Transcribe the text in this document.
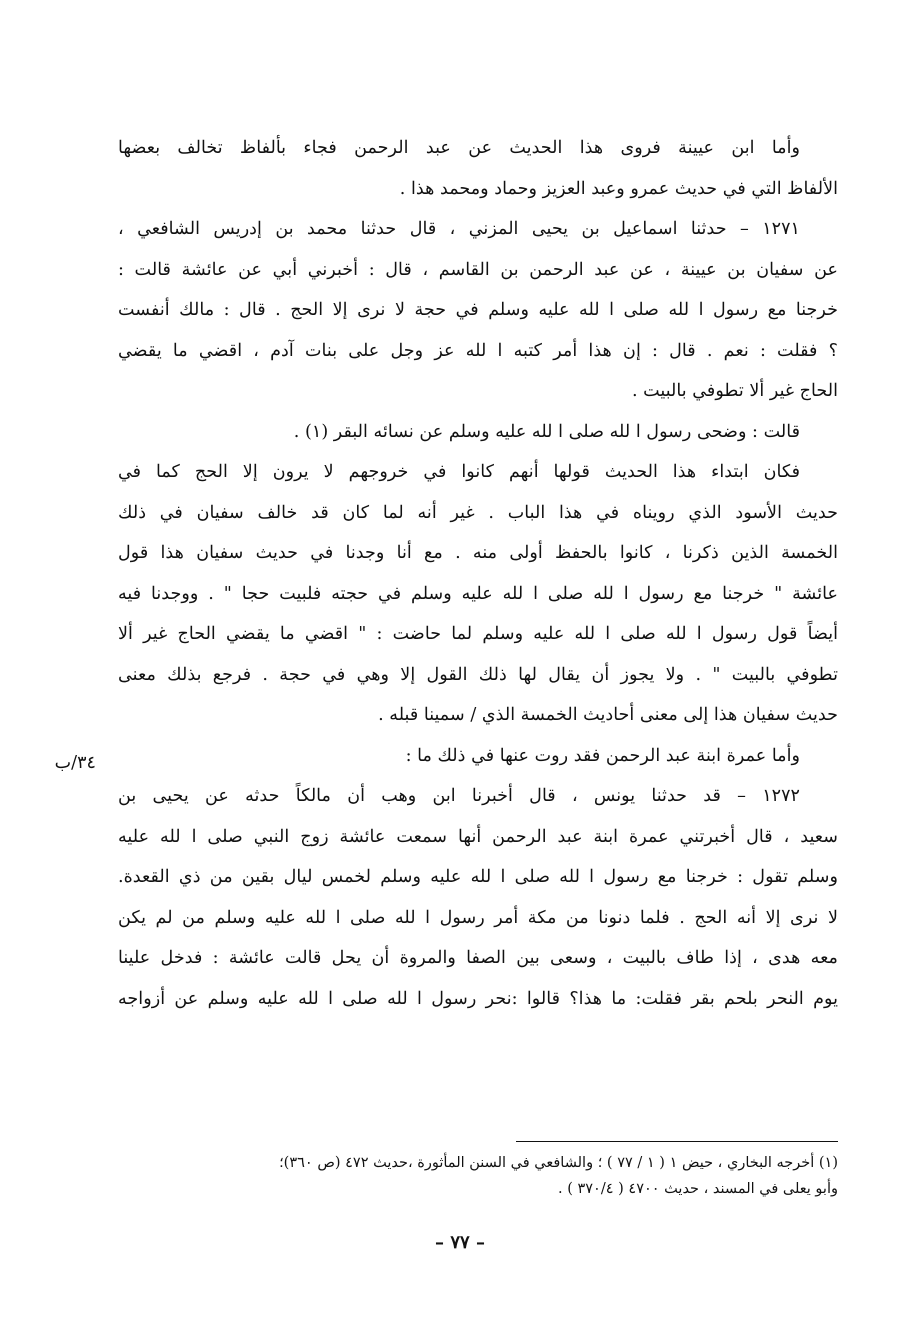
وأما ابن عيينة فروى هذا الحديث عن عبد الرحمن فجاء بألفاظ تخالف بعضها
الألفاظ التي في حديث عمرو وعبد العزيز وحماد ومحمد هذا .
١٢٧١ – حدثنا اسماعيل بن يحيى المزني ، قال حدثنا محمد بن إدريس الشافعي ،
عن سفيان بن عيينة ، عن عبد الرحمن بن القاسم ، قال : أخبرني أبي عن عائشة قالت :
خرجنا مع رسول ا لله صلى ا لله عليه وسلم في حجة لا نرى إلا الحج . قال : مالك أنفست
؟ فقلت : نعم . قال : إن هذا أمر كتبه ا لله عز وجل على بنات آدم ، اقضي ما يقضي
الحاج غير ألا تطوفي بالبيت .
قالت : وضحى رسول ا لله صلى ا لله عليه وسلم عن نسائه البقر (١) .
فكان ابتداء هذا الحديث قولها أنهم كانوا في خروجهم لا يرون إلا الحج كما في
حديث الأسود الذي رويناه في هذا الباب . غير أنه لما كان قد خالف سفيان في ذلك
الخمسة الذين ذكرنا ، كانوا بالحفظ أولى منه . مع أنا وجدنا في حديث سفيان هذا قول
عائشة " خرجنا مع رسول ا لله صلى ا لله عليه وسلم في حجته فلبيت حجا " . ووجدنا فيه
أيضاً قول رسول ا لله صلى ا لله عليه وسلم لما حاضت : " اقضي ما يقضي الحاج غير ألا
تطوفي بالبيت " . ولا يجوز أن يقال لها ذلك القول إلا وهي في حجة . فرجع بذلك معنى
حديث سفيان هذا إلى معنى أحاديث الخمسة الذي / سمينا قبله .
وأما عمرة ابنة عبد الرحمن فقد روت عنها في ذلك ما :
١٢٧٢ – قد حدثنا يونس ، قال أخبرنا ابن وهب أن مالكاً حدثه عن يحيى بن
سعيد ، قال أخبرتني عمرة ابنة عبد الرحمن أنها سمعت عائشة زوج النبي صلى ا لله عليه
وسلم تقول : خرجنا مع رسول ا لله صلى ا لله عليه وسلم لخمس ليال بقين من ذي القعدة.
لا نرى إلا أنه الحج . فلما دنونا من مكة أمر رسول ا لله صلى ا لله عليه وسلم من لم يكن
معه هدى ، إذا طاف بالبيت ، وسعى بين الصفا والمروة أن يحل قالت عائشة : فدخل علينا
يوم النحر بلحم بقر فقلت: ما هذا؟ قالوا :نحر رسول ا لله صلى ا لله عليه وسلم عن أزواجه
٣٤/ب
(١) أخرجه البخاري ، حيض ١ ( ١ / ٧٧ ) ؛ والشافعي في السنن المأثورة ،حديث ٤٧٢ (ص ٣٦٠)؛
وأبو يعلى في المسند ، حديث ٤٧٠٠ ( ٣٧٠/٤ ) .
– ٧٧ –
